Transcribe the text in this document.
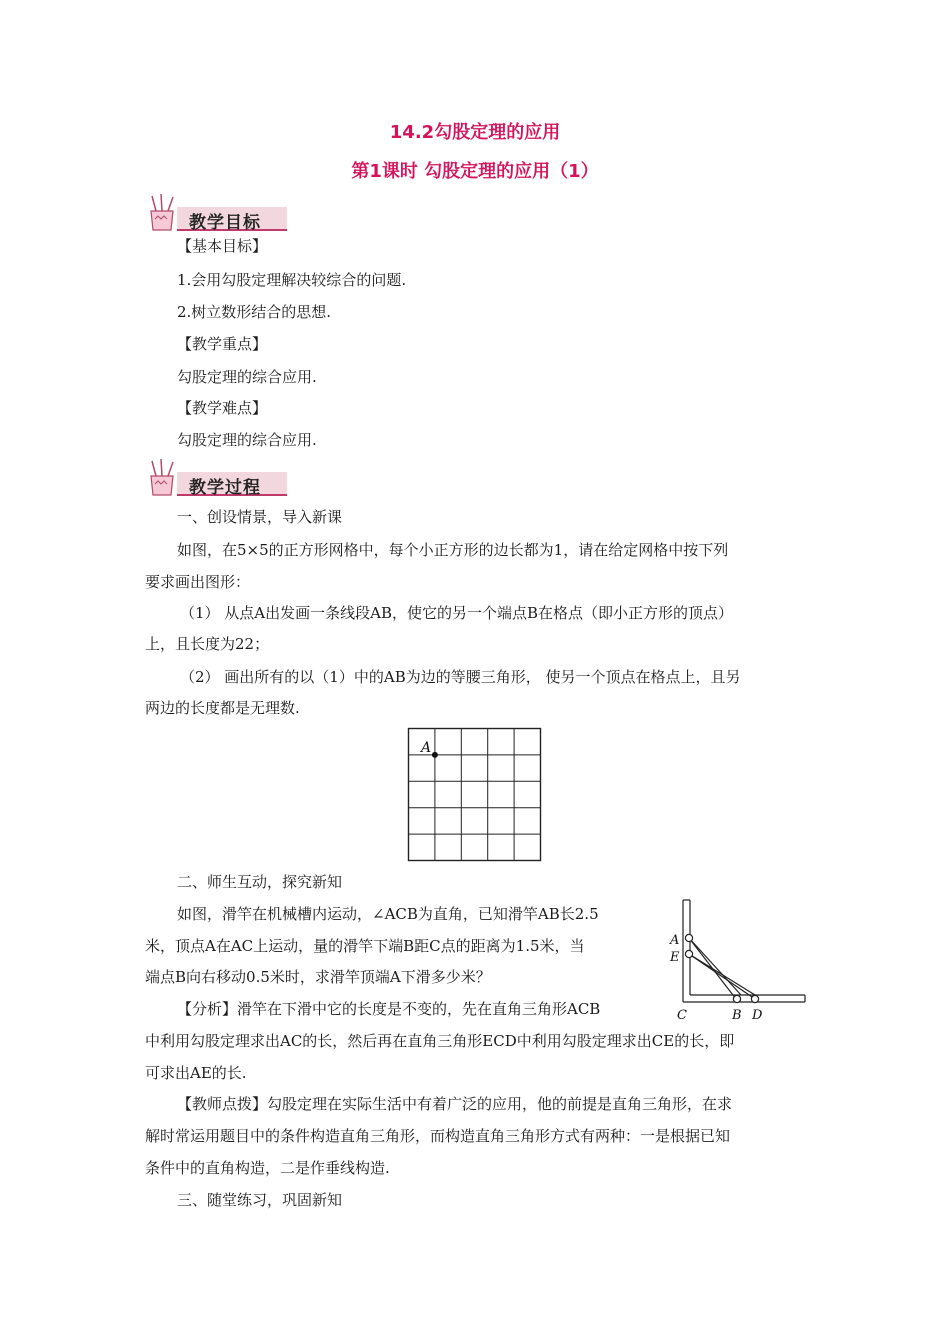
14.2勾股定理的应用
第1课时 勾股定理的应用（1）
教学目标
【基本目标】
1.会用勾股定理解决较综合的问题.
2.树立数形结合的思想.
【教学重点】
勾股定理的综合应用.
【教学难点】
勾股定理的综合应用.
教学过程
一、创设情景，导入新课
如图，在5×5的正方形网格中，每个小正方形的边长都为1，请在给定网格中按下列
要求画出图形：
（1） 从点A出发画一条线段AB，使它的另一个端点B在格点（即小正方形的顶点）
上，且长度为22；
（2） 画出所有的以（1）中的AB为边的等腰三角形， 使另一个顶点在格点上，且另
两边的长度都是无理数.
A
二、师生互动，探究新知
如图，滑竿在机械槽内运动，∠ACB为直角，已知滑竿AB长2.5
米，顶点A在AC上运动，量的滑竿下端B距C点的距离为1.5米，当
端点B向右移动0.5米时，求滑竿顶端A下滑多少米？
【分析】滑竿在下滑中它的长度是不变的，先在直角三角形ACB
中利用勾股定理求出AC的长，然后再在直角三角形ECD中利用勾股定理求出CE的长，即
可求出AE的长.
【教师点拨】勾股定理在实际生活中有着广泛的应用，他的前提是直角三角形，在求
解时常运用题目中的条件构造直角三角形，而构造直角三角形方式有两种：一是根据已知
条件中的直角构造，二是作垂线构造.
三、随堂练习，巩固新知
A
E
C	B D
